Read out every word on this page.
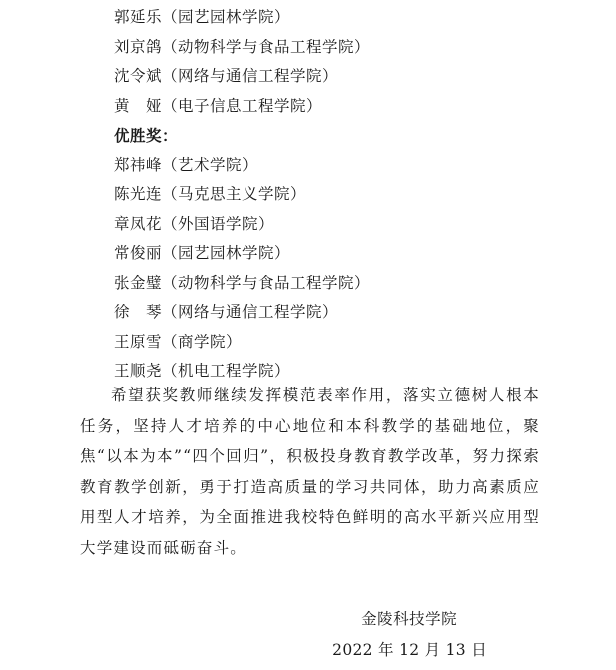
郭延乐（园艺园林学院）
刘京鸽（动物科学与食品工程学院）
沈令斌（网络与通信工程学院）
黄　娅（电子信息工程学院）
优胜奖：
郑祎峰（艺术学院）
陈光连（马克思主义学院）
章凤花（外国语学院）
常俊丽（园艺园林学院）
张金璧（动物科学与食品工程学院）
徐　琴（网络与通信工程学院）
王原雪（商学院）
王顺尧（机电工程学院）

希望获奖教师继续发挥模范表率作用，落实立德树人根本任务，坚持人才培养的中心地位和本科教学的基础地位，聚焦“以本为本”“四个回归”，积极投身教育教学改革，努力探索教育教学创新，勇于打造高质量的学习共同体，助力高素质应用型人才培养，为全面推进我校特色鲜明的高水平新兴应用型大学建设而砥砺奋斗。

金陵科技学院
2022 年 12 月 13 日
